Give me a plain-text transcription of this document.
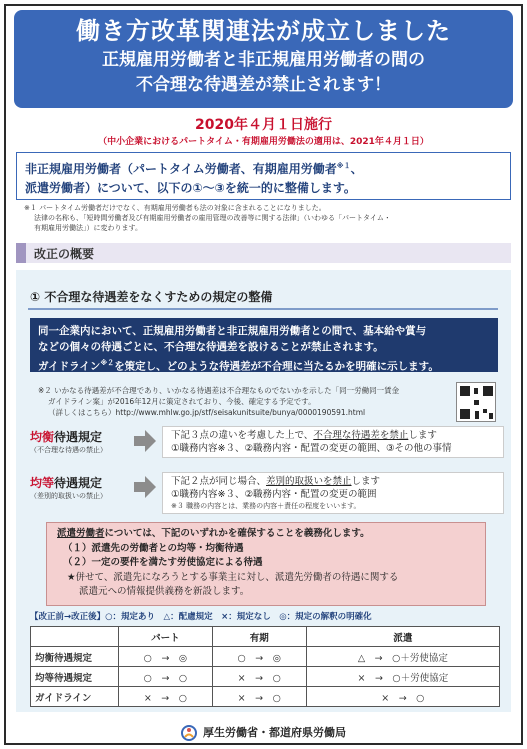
働き方改革関連法が成立しました
正規雇用労働者と非正規雇用労働者の間の
不合理な待遇差が禁止されます！
2020年４月１日施行
（中小企業におけるパートタイム・有期雇用労働法の適用は、2021年４月１日）
非正規雇用労働者（パートタイム労働者、有期雇用労働者$^{※1}$、
派遣労働者）について、以下の①～③を統一的に整備します。
※１ パートタイム労働者だけでなく、有期雇用労働者も法の対象に含まれることになりました。
法律の名称も、「短時間労働者及び有期雇用労働者の雇用管理の改善等に関する法律」（いわゆる「パートタイム・
有期雇用労働法」）に変わります。
改正の概要
① 不合理な待遇差をなくすための規定の整備
同一企業内において、正規雇用労働者と非正規雇用労働者との間で、基本給や賞与
などの個々の待遇ごとに、不合理な待遇差を設けることが禁止されます。
ガイドライン$^{※2}$を策定し、どのような待遇差が不合理に当たるかを明確に示します。
※２ いかなる待遇差が不合理であり、いかなる待遇差は不合理なものでないかを示した「同一労働同一賃金
ガイドライン案」が2016年12月に策定されており、今後、確定する予定です。
（詳しくはこちら）http://www.mhlw.go.jp/stf/seisakunitsuite/bunya/0000190591.html
均衡待遇規定
（不合理な待遇の禁止）
下記３点の違いを考慮した上で、不合理な待遇差を禁止します
①職務内容※３、②職務内容・配置の変更の範囲、③その他の事情
均等待遇規定
（差別的取扱いの禁止）
下記２点が同じ場合、差別的取扱いを禁止します
①職務内容※３、②職務内容・配置の変更の範囲
※３ 職務の内容とは、業務の内容＋責任の程度をいいます。
派遣労働者については、下記のいずれかを確保することを義務化します。
（１）派遣先の労働者との均等・均衡待遇
（２）一定の要件を満たす労使協定による待遇
★併せて、派遣先になろうとする事業主に対し、派遣先労働者の待遇に関する
派遣元への情報提供義務を新設します。
【改正前→改正後】○：規定あり　△：配慮規定　×：規定なし　◎：規定の解釈の明確化
	パート	有期	派遣
均衡待遇規定	○　→　◎	○　→　◎	△　→　○＋労使協定
均等待遇規定	○　→　○	×　→　○	×　→　○＋労使協定
ガイドライン	×　→　○	×　→　○	×　→　○
厚生労働省・都道府県労働局
